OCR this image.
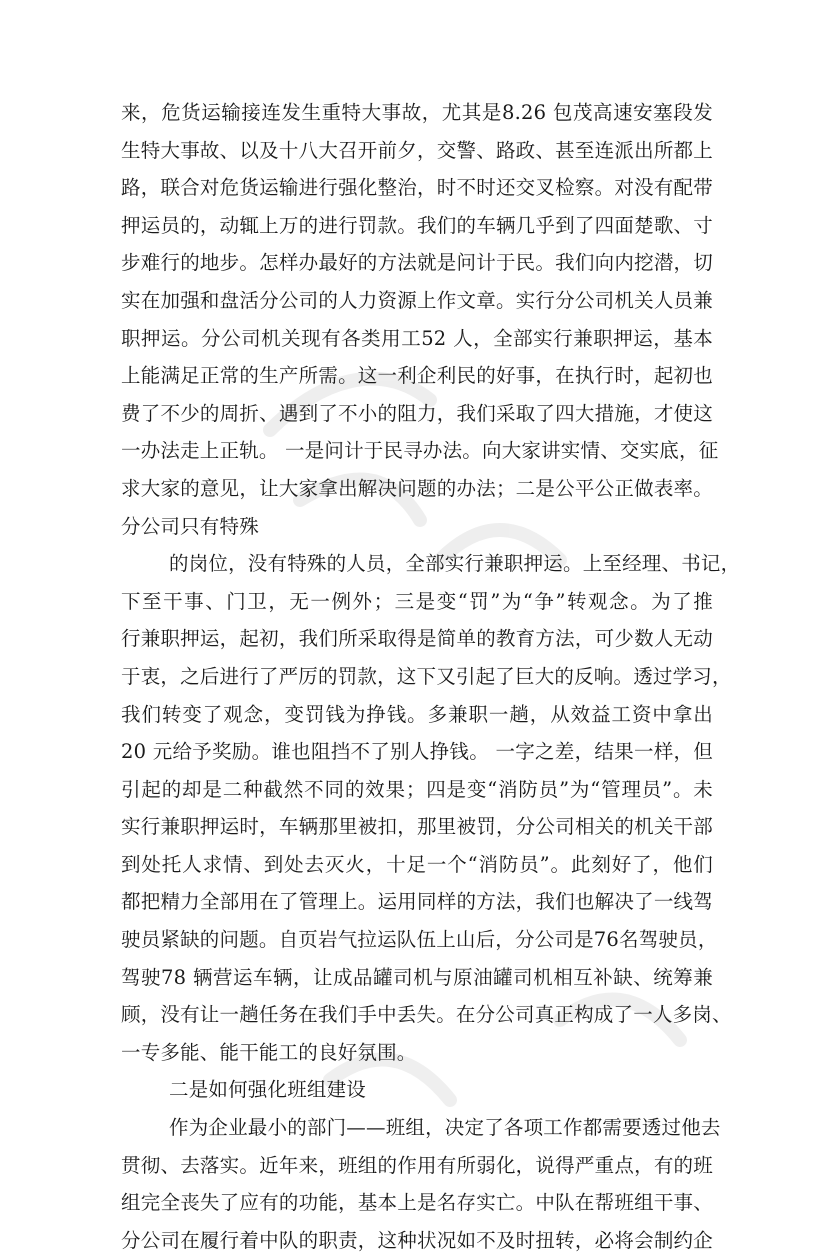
来，危货运输接连发生重特大事故，尤其是8.26 包茂高速安塞段发
生特大事故、以及十八大召开前夕，交警、路政、甚至连派出所都上
路，联合对危货运输进行强化整治，时不时还交叉检察。对没有配带
押运员的，动辄上万的进行罚款。我们的车辆几乎到了四面楚歌、寸
步难行的地步。怎样办最好的方法就是问计于民。我们向内挖潜，切
实在加强和盘活分公司的人力资源上作文章。实行分公司机关人员兼
职押运。分公司机关现有各类用工52 人，全部实行兼职押运，基本
上能满足正常的生产所需。这一利企利民的好事，在执行时，起初也
费了不少的周折、遇到了不小的阻力，我们采取了四大措施，才使这
一办法走上正轨。 一是问计于民寻办法。向大家讲实情、交实底，征
求大家的意见，让大家拿出解决问题的办法；二是公平公正做表率。
分公司只有特殊
的岗位，没有特殊的人员，全部实行兼职押运。上至经理、书记，
下至干事、门卫，无一例外；三是变“罚”为“争”转观念。为了推
行兼职押运，起初，我们所采取得是简单的教育方法，可少数人无动
于衷，之后进行了严厉的罚款，这下又引起了巨大的反响。透过学习，
我们转变了观念，变罚钱为挣钱。多兼职一趟，从效益工资中拿出
20 元给予奖励。谁也阻挡不了别人挣钱。 一字之差，结果一样，但
引起的却是二种截然不同的效果；四是变“消防员”为“管理员”。未
实行兼职押运时，车辆那里被扣，那里被罚，分公司相关的机关干部
到处托人求情、到处去灭火，十足一个“消防员”。此刻好了，他们
都把精力全部用在了管理上。运用同样的方法，我们也解决了一线驾
驶员紧缺的问题。自页岩气拉运队伍上山后，分公司是76名驾驶员，
驾驶78 辆营运车辆，让成品罐司机与原油罐司机相互补缺、统筹兼
顾，没有让一趟任务在我们手中丢失。在分公司真正构成了一人多岗、
一专多能、能干能工的良好氛围。
二是如何强化班组建设
作为企业最小的部门——班组，决定了各项工作都需要透过他去
贯彻、去落实。近年来，班组的作用有所弱化，说得严重点，有的班
组完全丧失了应有的功能，基本上是名存实亡。中队在帮班组干事、
分公司在履行着中队的职责，这种状况如不及时扭转，必将会制约企
